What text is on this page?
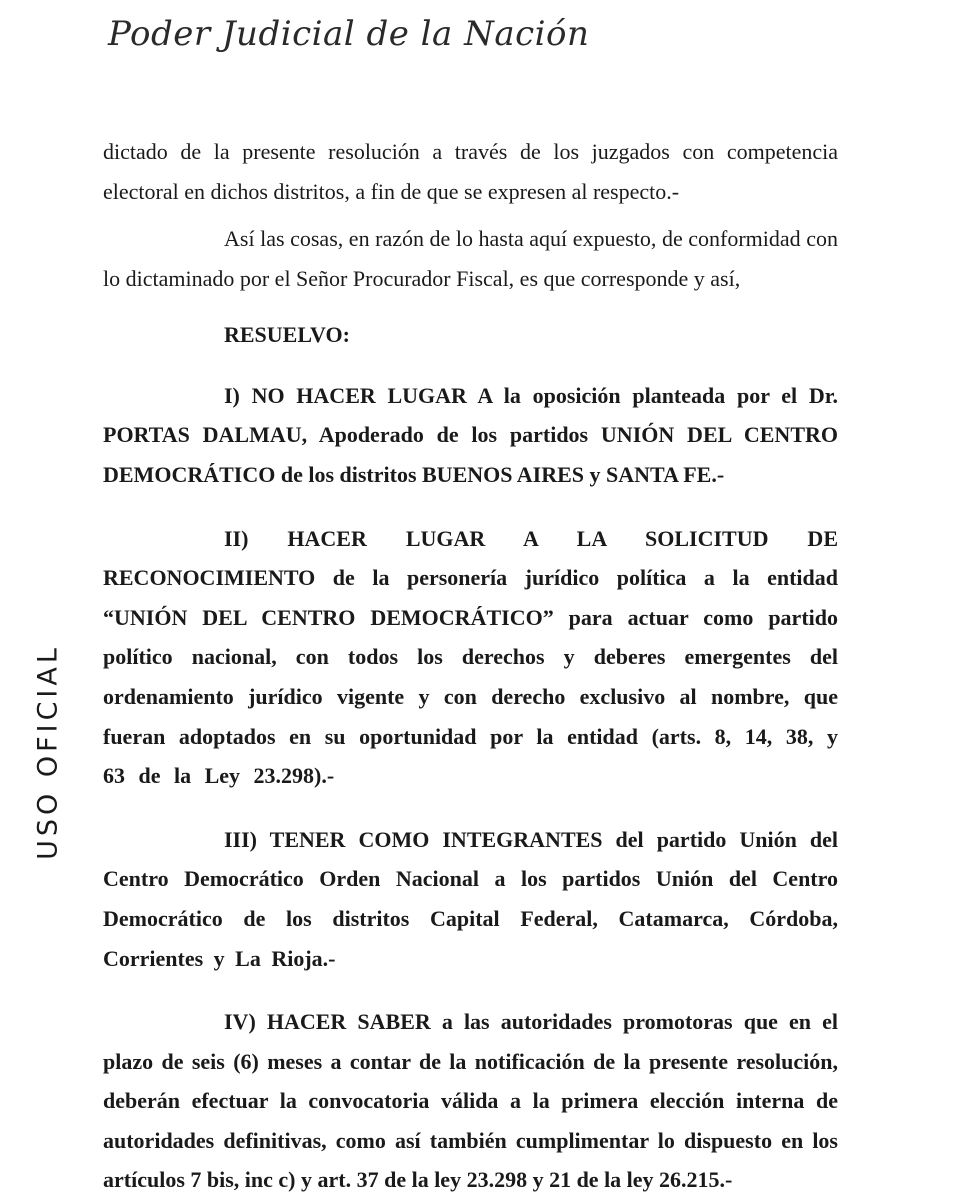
Poder Judicial de la Nación
USO OFICIAL

dictado de la presente resolución a través de los juzgados con competencia electoral en dichos distritos, a fin de que se expresen al respecto.-

Así las cosas, en razón de lo hasta aquí expuesto, de conformidad con lo dictaminado por el Señor Procurador Fiscal, es que corresponde y así,

RESUELVO:

I) NO HACER LUGAR A la oposición planteada por el Dr. PORTAS DALMAU, Apoderado de los partidos UNIÓN DEL CENTRO DEMOCRÁTICO de los distritos BUENOS AIRES y SANTA FE.-

II) HACER LUGAR A LA SOLICITUD DE RECONOCIMIENTO de la personería jurídico política a la entidad “UNIÓN DEL CENTRO DEMOCRÁTICO” para actuar como partido político nacional, con todos los derechos y deberes emergentes del ordenamiento jurídico vigente y con derecho exclusivo al nombre, que fueran adoptados en su oportunidad por la entidad (arts. 8, 14, 38, y 63 de la Ley 23.298).-

III) TENER COMO INTEGRANTES del partido Unión del Centro Democrático Orden Nacional a los partidos Unión del Centro Democrático de los distritos Capital Federal, Catamarca, Córdoba, Corrientes y La Rioja.-

IV) HACER SABER a las autoridades promotoras que en el plazo de seis (6) meses a contar de la notificación de la presente resolución, deberán efectuar la convocatoria válida a la primera elección interna de autoridades definitivas, como así también cumplimentar lo dispuesto en los artículos 7 bis, inc c) y art. 37 de la ley 23.298 y 21 de la ley 26.215.-
